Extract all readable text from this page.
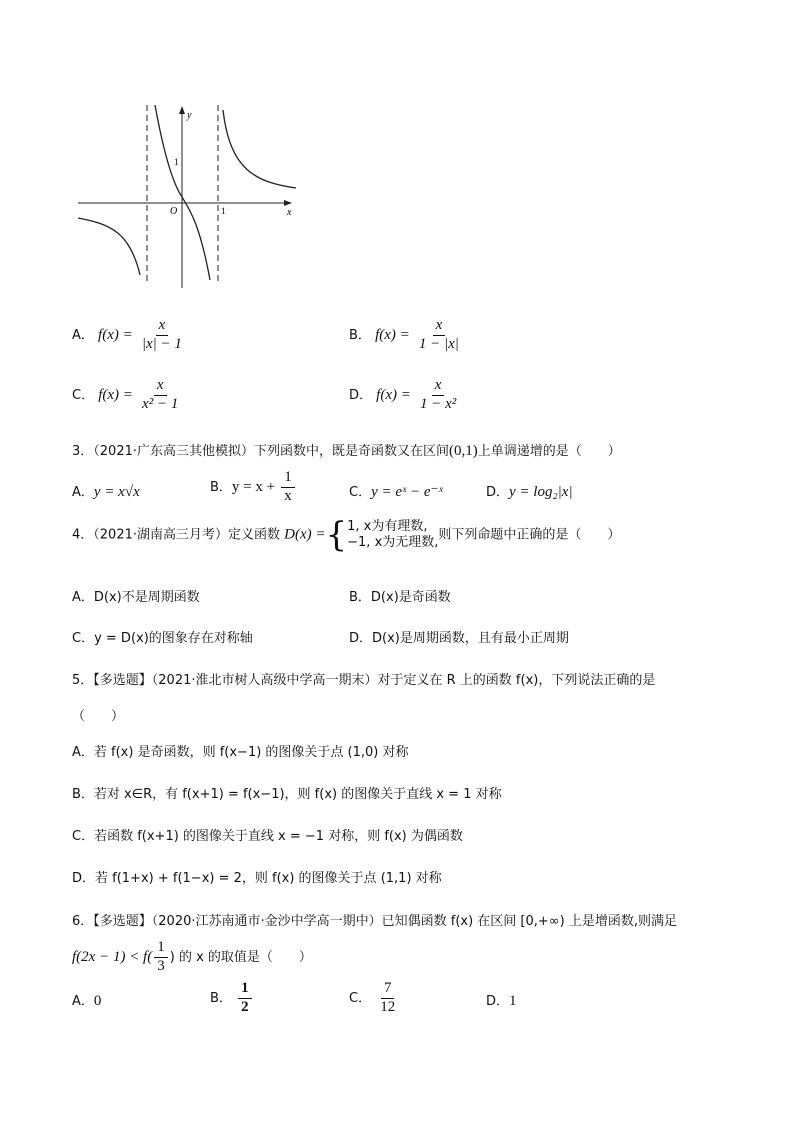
y
x
O	1
1
A． $f(x) = \frac{x}{|x| - 1}$	B． $f(x) = \frac{x}{1 - |x|}$
C． $f(x) = \frac{x}{\text{x² − 1}}$	D． $f(x) = \frac{x}{\text{1 − x²}}$
3．（2021·广东高三其他模拟）下列函数中，既是奇函数又在区间(0,1)上单调递增的是（　　）
A．y = x√x	B．$y = x + \frac{1}{x}$	C．y = eˣ − e⁻ˣ	D．y = log₂|x|
4．（2021·湖南高三月考）定义函数 D(x) ={ 1, x为有理数,
−1, x为无理数, 则下列命题中正确的是（　　）
A．D(x)不是周期函数	B．D(x)是奇函数
C．y = D(x)的图象存在对称轴	D．D(x)是周期函数，且有最小正周期
5．【多选题】（2021·淮北市树人高级中学高一期末）对于定义在 R 上的函数 f(x)，下列说法正确的是
（　　）
A．若 f(x) 是奇函数，则 f(x−1) 的图像关于点 (1,0) 对称
B．若对 x∈R，有 f(x+1) = f(x−1)，则 f(x) 的图像关于直线 x = 1 对称
C．若函数 f(x+1) 的图像关于直线 x = −1 对称，则 f(x) 为偶函数
D．若 f(1+x) + f(1−x) = 2，则 f(x) 的图像关于点 (1,1) 对称
6．【多选题】（2020·江苏南通市·金沙中学高一期中）已知偶函数 f(x) 在区间 [0,+∞) 上是增函数,则满足
$f(2x - 1) < f( \frac{1}{3}$ ) 的 x 的取值是（　　）
A．0	B． $\frac{1}{2}$	C． $\frac{7}{12}$	D．1
